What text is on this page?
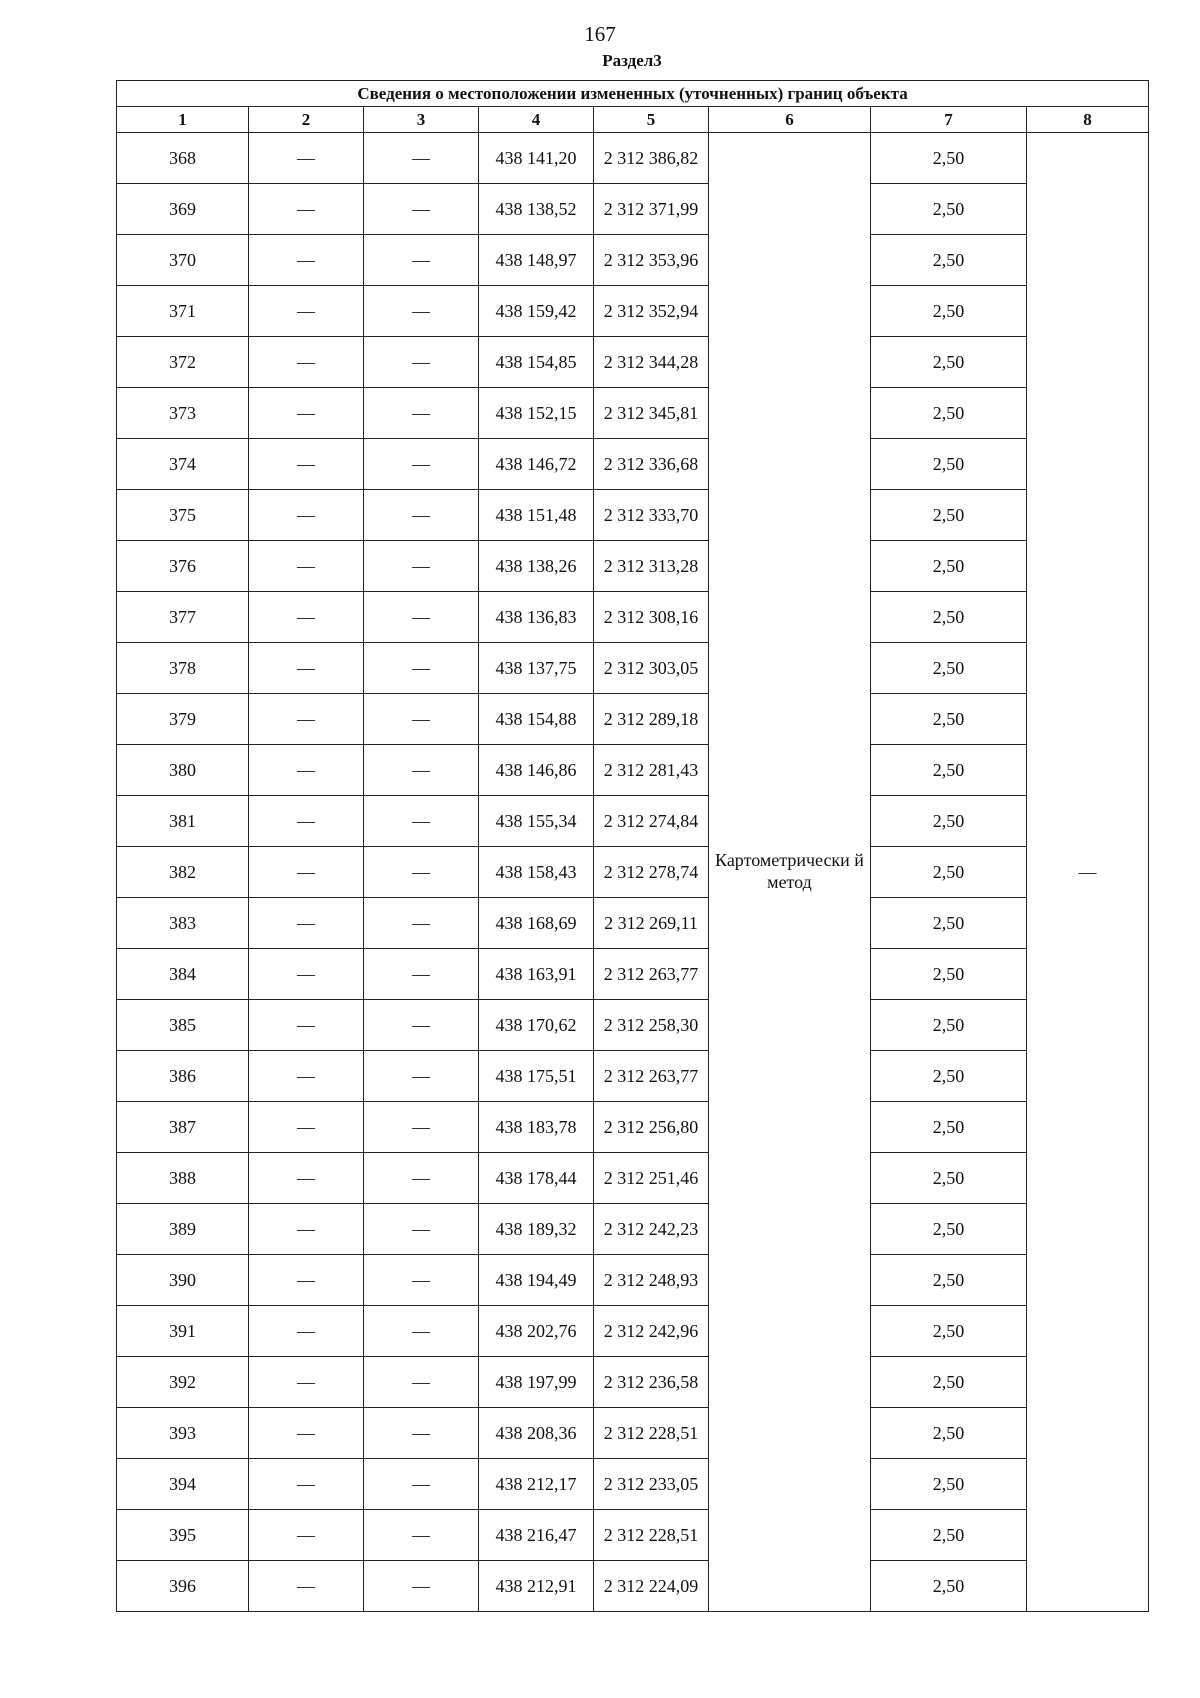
167
Раздел3
Сведения о местоположении измененных (уточненных) границ объекта							
1	2	3	4	5	6	7	8
368	—	—	438 141,20	2 312 386,82	Картометрически й метод	2,50	—
369	—	—	438 138,52	2 312 371,99		2,50	
370	—	—	438 148,97	2 312 353,96		2,50	
371	—	—	438 159,42	2 312 352,94		2,50	
372	—	—	438 154,85	2 312 344,28		2,50	
373	—	—	438 152,15	2 312 345,81		2,50	
374	—	—	438 146,72	2 312 336,68		2,50	
375	—	—	438 151,48	2 312 333,70		2,50	
376	—	—	438 138,26	2 312 313,28		2,50	
377	—	—	438 136,83	2 312 308,16		2,50	
378	—	—	438 137,75	2 312 303,05		2,50	
379	—	—	438 154,88	2 312 289,18		2,50	
380	—	—	438 146,86	2 312 281,43		2,50	
381	—	—	438 155,34	2 312 274,84		2,50	
382	—	—	438 158,43	2 312 278,74		2,50	
383	—	—	438 168,69	2 312 269,11		2,50	
384	—	—	438 163,91	2 312 263,77		2,50	
385	—	—	438 170,62	2 312 258,30		2,50	
386	—	—	438 175,51	2 312 263,77		2,50	
387	—	—	438 183,78	2 312 256,80		2,50	
388	—	—	438 178,44	2 312 251,46		2,50	
389	—	—	438 189,32	2 312 242,23		2,50	
390	—	—	438 194,49	2 312 248,93		2,50	
391	—	—	438 202,76	2 312 242,96		2,50	
392	—	—	438 197,99	2 312 236,58		2,50	
393	—	—	438 208,36	2 312 228,51		2,50	
394	—	—	438 212,17	2 312 233,05		2,50	
395	—	—	438 216,47	2 312 228,51		2,50	
396	—	—	438 212,91	2 312 224,09		2,50	
